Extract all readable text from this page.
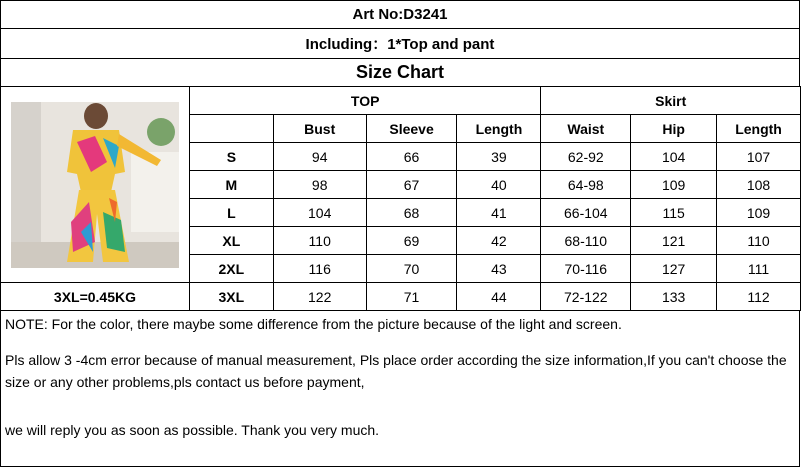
Art No:D3241
Including：1*Top and pant
Size Chart
	TOP				Skirt		
		Bust	Sleeve	Length	Waist	Hip	Length
	S	94	66	39	62-92	104	107
	M	98	67	40	64-98	109	108
	L	104	68	41	66-104	115	109
	XL	110	69	42	68-110	121	110
	2XL	116	70	43	70-116	127	111
3XL=0.45KG	3XL	122	71	44	72-122	133	112

NOTE: For the color, there maybe some difference from the picture because of the light and screen.

Pls allow 3 -4cm error because of manual measurement, Pls place order according the size information,If you can't choose the size or any other problems,pls contact us before payment,

we will reply you as soon as possible. Thank you very much.
